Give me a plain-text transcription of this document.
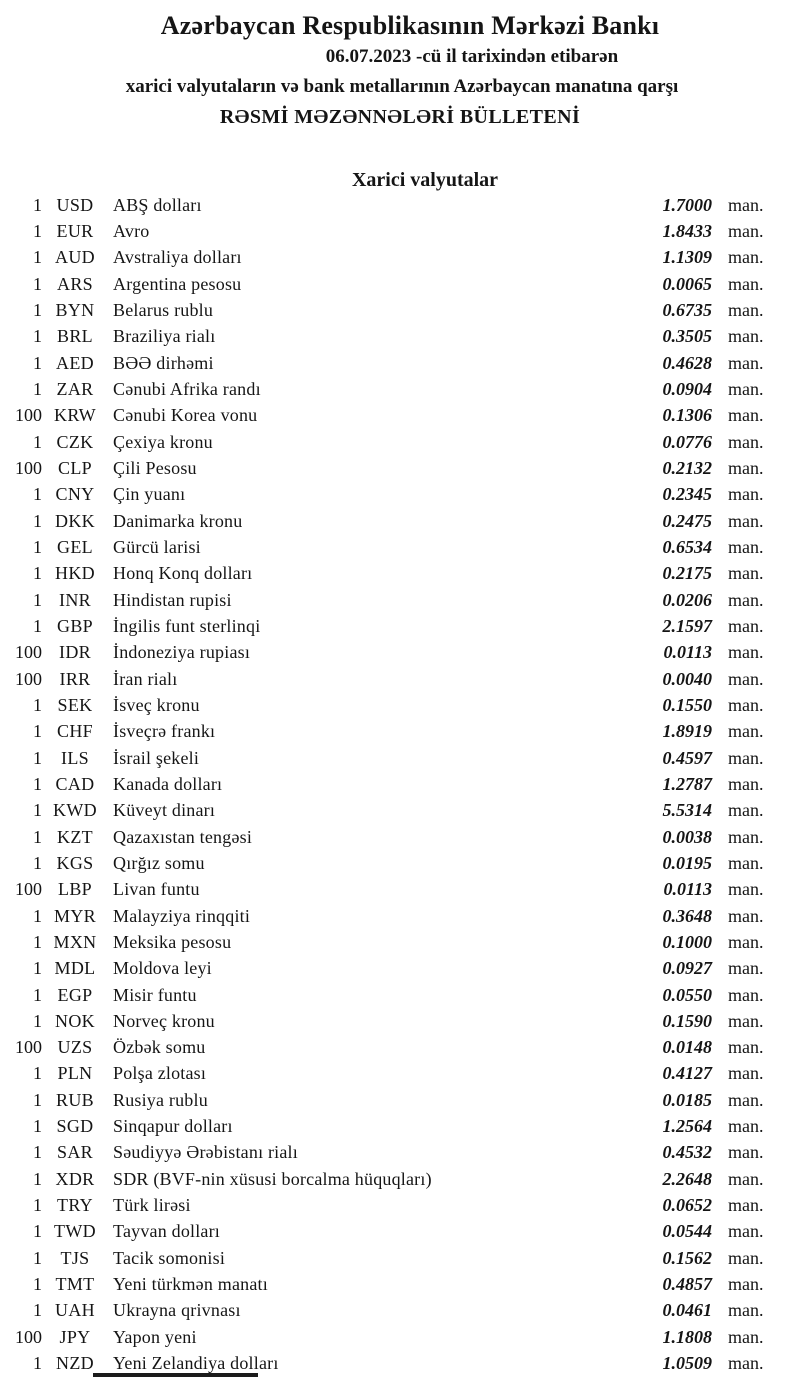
Azərbaycan Respublikasının Mərkəzi Bankı
06.07.2023 -cü il tarixindən etibarən
xarici valyutaların və bank metallarının Azərbaycan manatına qarşı
RƏSMİ MƏZƏNNƏLƏRİ BÜLLETENİ
Xarici valyutalar
1 USD	ABŞ dolları	1.7000 man.
1 EUR	Avro	1.8433 man.
1 AUD	Avstraliya dolları	1.1309 man.
1 ARS	Argentina pesosu	0.0065 man.
1 BYN	Belarus rublu	0.6735 man.
1 BRL	Braziliya rialı	0.3505 man.
1 AED	BƏƏ dirhəmi	0.4628 man.
1 ZAR	Cənubi Afrika randı	0.0904 man.
100 KRW Cənubi Korea vonu	0.1306 man.
1 CZK	Çexiya kronu	0.0776 man.
100 CLP	Çili Pesosu	0.2132 man.
1 CNY	Çin yuanı	0.2345 man.
1 DKK	Danimarka kronu	0.2475 man.
1 GEL	Gürcü larisi	0.6534 man.
1 HKD	Honq Konq dolları	0.2175 man.
1 INR	Hindistan rupisi	0.0206 man.
1 GBP	İngilis funt sterlinqi	2.1597 man.
100 IDR	İndoneziya rupiası	0.0113 man.
100 IRR	İran rialı	0.0040 man.
1 SEK	İsveç kronu	0.1550 man.
1 CHF	İsveçrə frankı	1.8919 man.
1	ILS	İsrail şekeli	0.4597 man.
1 CAD	Kanada dolları	1.2787 man.
1 KWD Küveyt dinarı	5.5314 man.
1 KZT	Qazaxıstan tengəsi	0.0038 man.
1 KGS	Qırğız somu	0.0195 man.
100 LBP	Livan funtu	0.0113 man.
1 MYR Malayziya rinqqiti	0.3648 man.
1 MXN Meksika pesosu	0.1000 man.
1 MDL Moldova leyi	0.0927 man.
1 EGP	Misir funtu	0.0550 man.
1 NOK	Norveç kronu	0.1590 man.
100 UZS	Özbək somu	0.0148 man.
1 PLN	Polşa zlotası	0.4127 man.
1 RUB	Rusiya rublu	0.0185 man.
1 SGD	Sinqapur dolları	1.2564 man.
1 SAR	Səudiyyə Ərəbistanı rialı	0.4532 man.
1 XDR	SDR (BVF-nin xüsusi borcalma hüquqları)	2.2648 man.
1 TRY	Türk lirəsi	0.0652 man.
1 TWD Tayvan dolları	0.0544 man.
1	TJS	Tacik somonisi	0.1562 man.
1 TMT	Yeni türkmən manatı	0.4857 man.
1 UAH	Ukrayna qrivnası	0.0461 man.
100 JPY	Yapon yeni	1.1808 man.
1 NZD	Yeni Zelandiya dolları	1.0509 man.
